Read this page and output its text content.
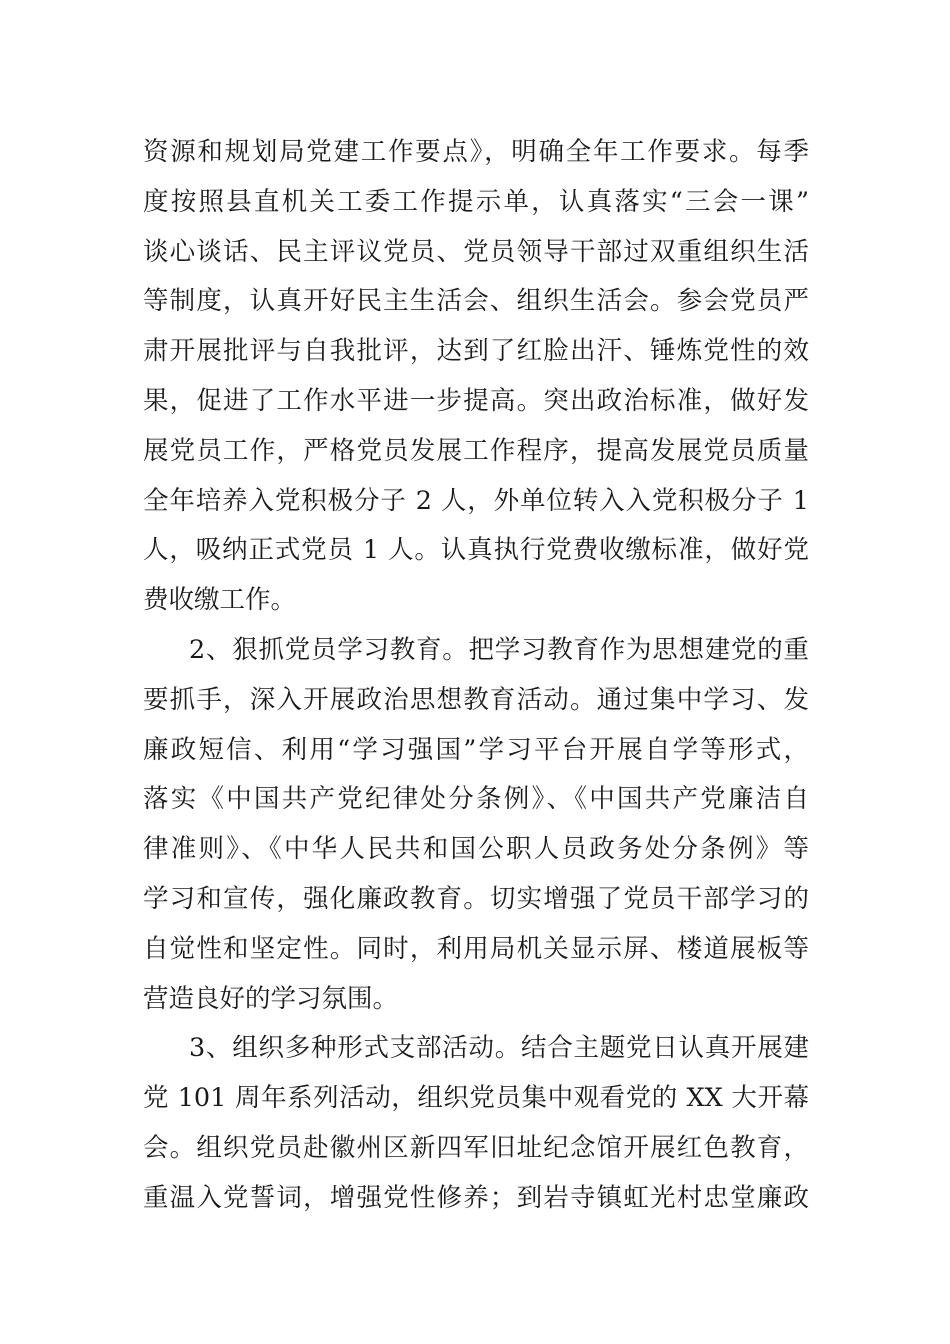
资源和规划局党建工作要点》，明确全年工作要求。每季
度按照县直机关工委工作提示单，认真落实“三会一课”
谈心谈话、民主评议党员、党员领导干部过双重组织生活
等制度，认真开好民主生活会、组织生活会。参会党员严
肃开展批评与自我批评，达到了红脸出汗、锤炼党性的效
果，促进了工作水平进一步提高。突出政治标准，做好发
展党员工作，严格党员发展工作程序，提高发展党员质量
全年培养入党积极分子 2 人，外单位转入入党积极分子 1
人，吸纳正式党员 1 人。认真执行党费收缴标准，做好党
费收缴工作。
2、狠抓党员学习教育。把学习教育作为思想建党的重
要抓手，深入开展政治思想教育活动。通过集中学习、发
廉政短信、利用“学习强国”学习平台开展自学等形式，
落实《中国共产党纪律处分条例》、《中国共产党廉洁自
律准则》、《中华人民共和国公职人员政务处分条例》等
学习和宣传，强化廉政教育。切实增强了党员干部学习的
自觉性和坚定性。同时，利用局机关显示屏、楼道展板等
营造良好的学习氛围。
3、组织多种形式支部活动。结合主题党日认真开展建
党 101 周年系列活动，组织党员集中观看党的 XX 大开幕
会。组织党员赴徽州区新四军旧址纪念馆开展红色教育，
重温入党誓词，增强党性修养；到岩寺镇虹光村忠堂廉政
